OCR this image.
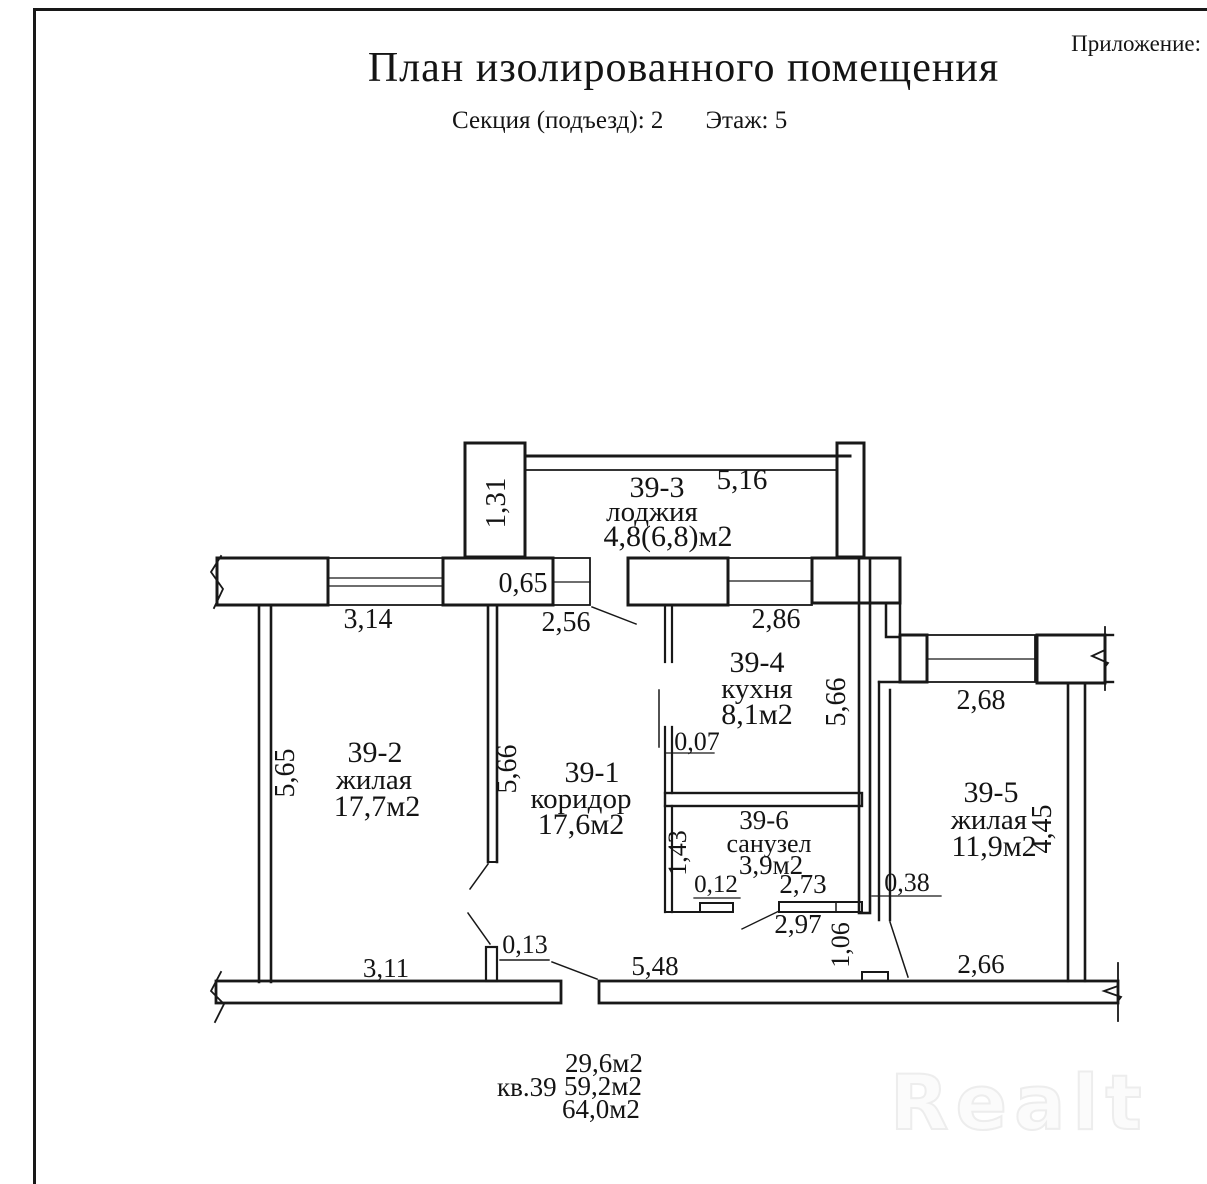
Приложение:
План изолированного помещения
Секция (подъезд): 2 Этаж: 5
39-3
лоджия
4,8(6,8)м2
39-2
жилая
17,7м2
39-1
коридор
17,6м2
39-4
кухня
8,1м2
39-6
санузел
3,9м2
39-5
жилая
11,9м2
5,16
1,31
0,65
3,14	2,56	2,86
2,68
5,65	5,66
5,66
4,45
0,07
1,43
0,12 2,73
2,97
0,38
1,06
0,13
3,11	5,48	2,66
кв.39
29,6м2
59,2м2
64,0м2	Realt
